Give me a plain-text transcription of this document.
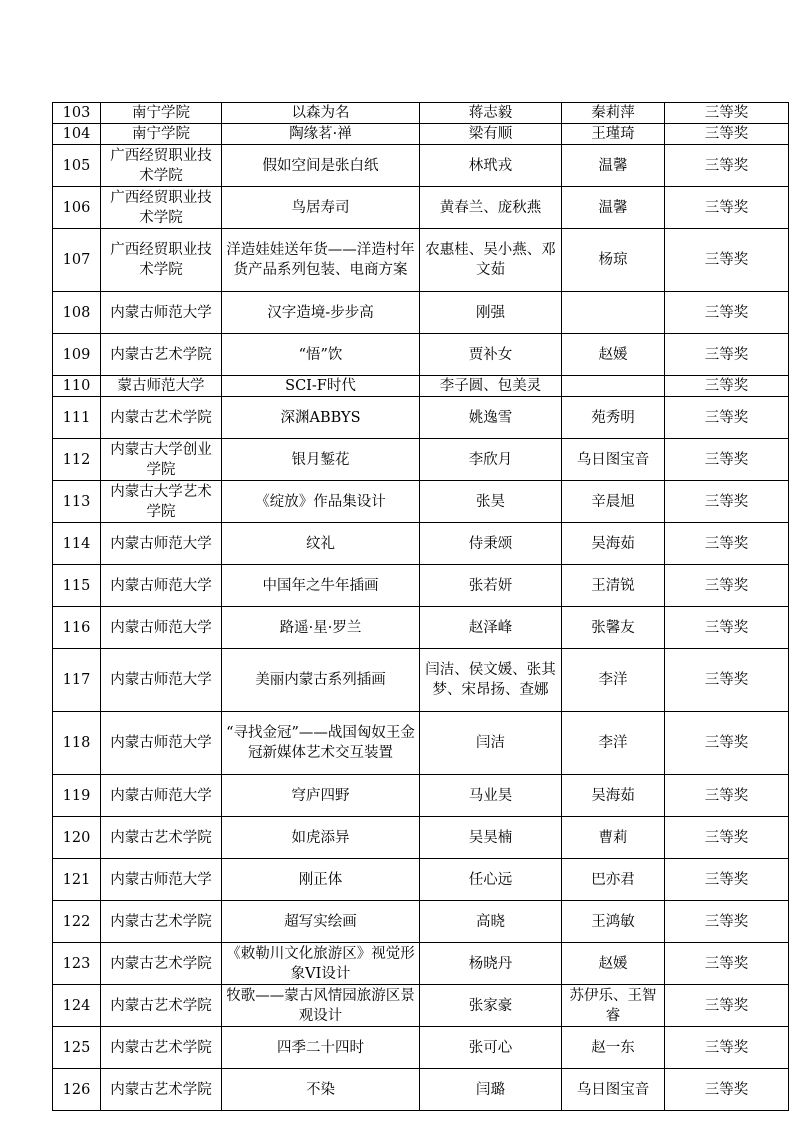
103	南宁学院	以森为名	蒋志毅	秦莉萍	三等奖
104	南宁学院	陶缘茗·禅	梁有顺	王瑾琦	三等奖
105	广西经贸职业技术学院	假如空间是张白纸	林玳戎	温馨	三等奖
106	广西经贸职业技术学院	鸟居寿司	黄春兰、庞秋燕	温馨	三等奖
107	广西经贸职业技术学院	洋造娃娃送年货——洋造村年货产品系列包装、电商方案	农惠桂、吴小燕、邓文茹	杨琼	三等奖
108	内蒙古师范大学	汉字造境-步步高	刚强		三等奖
109	内蒙古艺术学院	“悟”饮	贾补女	赵媛	三等奖
110	蒙古师范大学	SCI-F时代	李子圆、包美灵		三等奖
111	内蒙古艺术学院	深渊ABBYS	姚逸雪	苑秀明	三等奖
112	内蒙古大学创业学院	银月錾花	李欣月	乌日图宝音	三等奖
113	内蒙古大学艺术学院	《绽放》作品集设计	张昊	辛晨旭	三等奖
114	内蒙古师范大学	纹礼	侍秉颂	吴海茹	三等奖
115	内蒙古师范大学	中国年之牛年插画	张若妍	王清锐	三等奖
116	内蒙古师范大学	路遥·星·罗兰	赵泽峰	张馨友	三等奖
117	内蒙古师范大学	美丽内蒙古系列插画	闫洁、侯文媛、张其梦、宋昂扬、查娜	李洋	三等奖
118	内蒙古师范大学	“寻找金冠”——战国匈奴王金冠新媒体艺术交互装置	闫洁	李洋	三等奖
119	内蒙古师范大学	穹庐四野	马业昊	吴海茹	三等奖
120	内蒙古艺术学院	如虎添异	吴昊楠	曹莉	三等奖
121	内蒙古师范大学	刚正体	任心远	巴亦君	三等奖
122	内蒙古艺术学院	超写实绘画	高晓	王鸿敏	三等奖
123	内蒙古艺术学院	《敕勒川文化旅游区》视觉形象VI设计	杨晓丹	赵媛	三等奖
124	内蒙古艺术学院	牧歌——蒙古风情园旅游区景观设计	张家豪	苏伊乐、王智睿	三等奖
125	内蒙古艺术学院	四季二十四时	张可心	赵一东	三等奖
126	内蒙古艺术学院	不染	闫璐	乌日图宝音	三等奖
